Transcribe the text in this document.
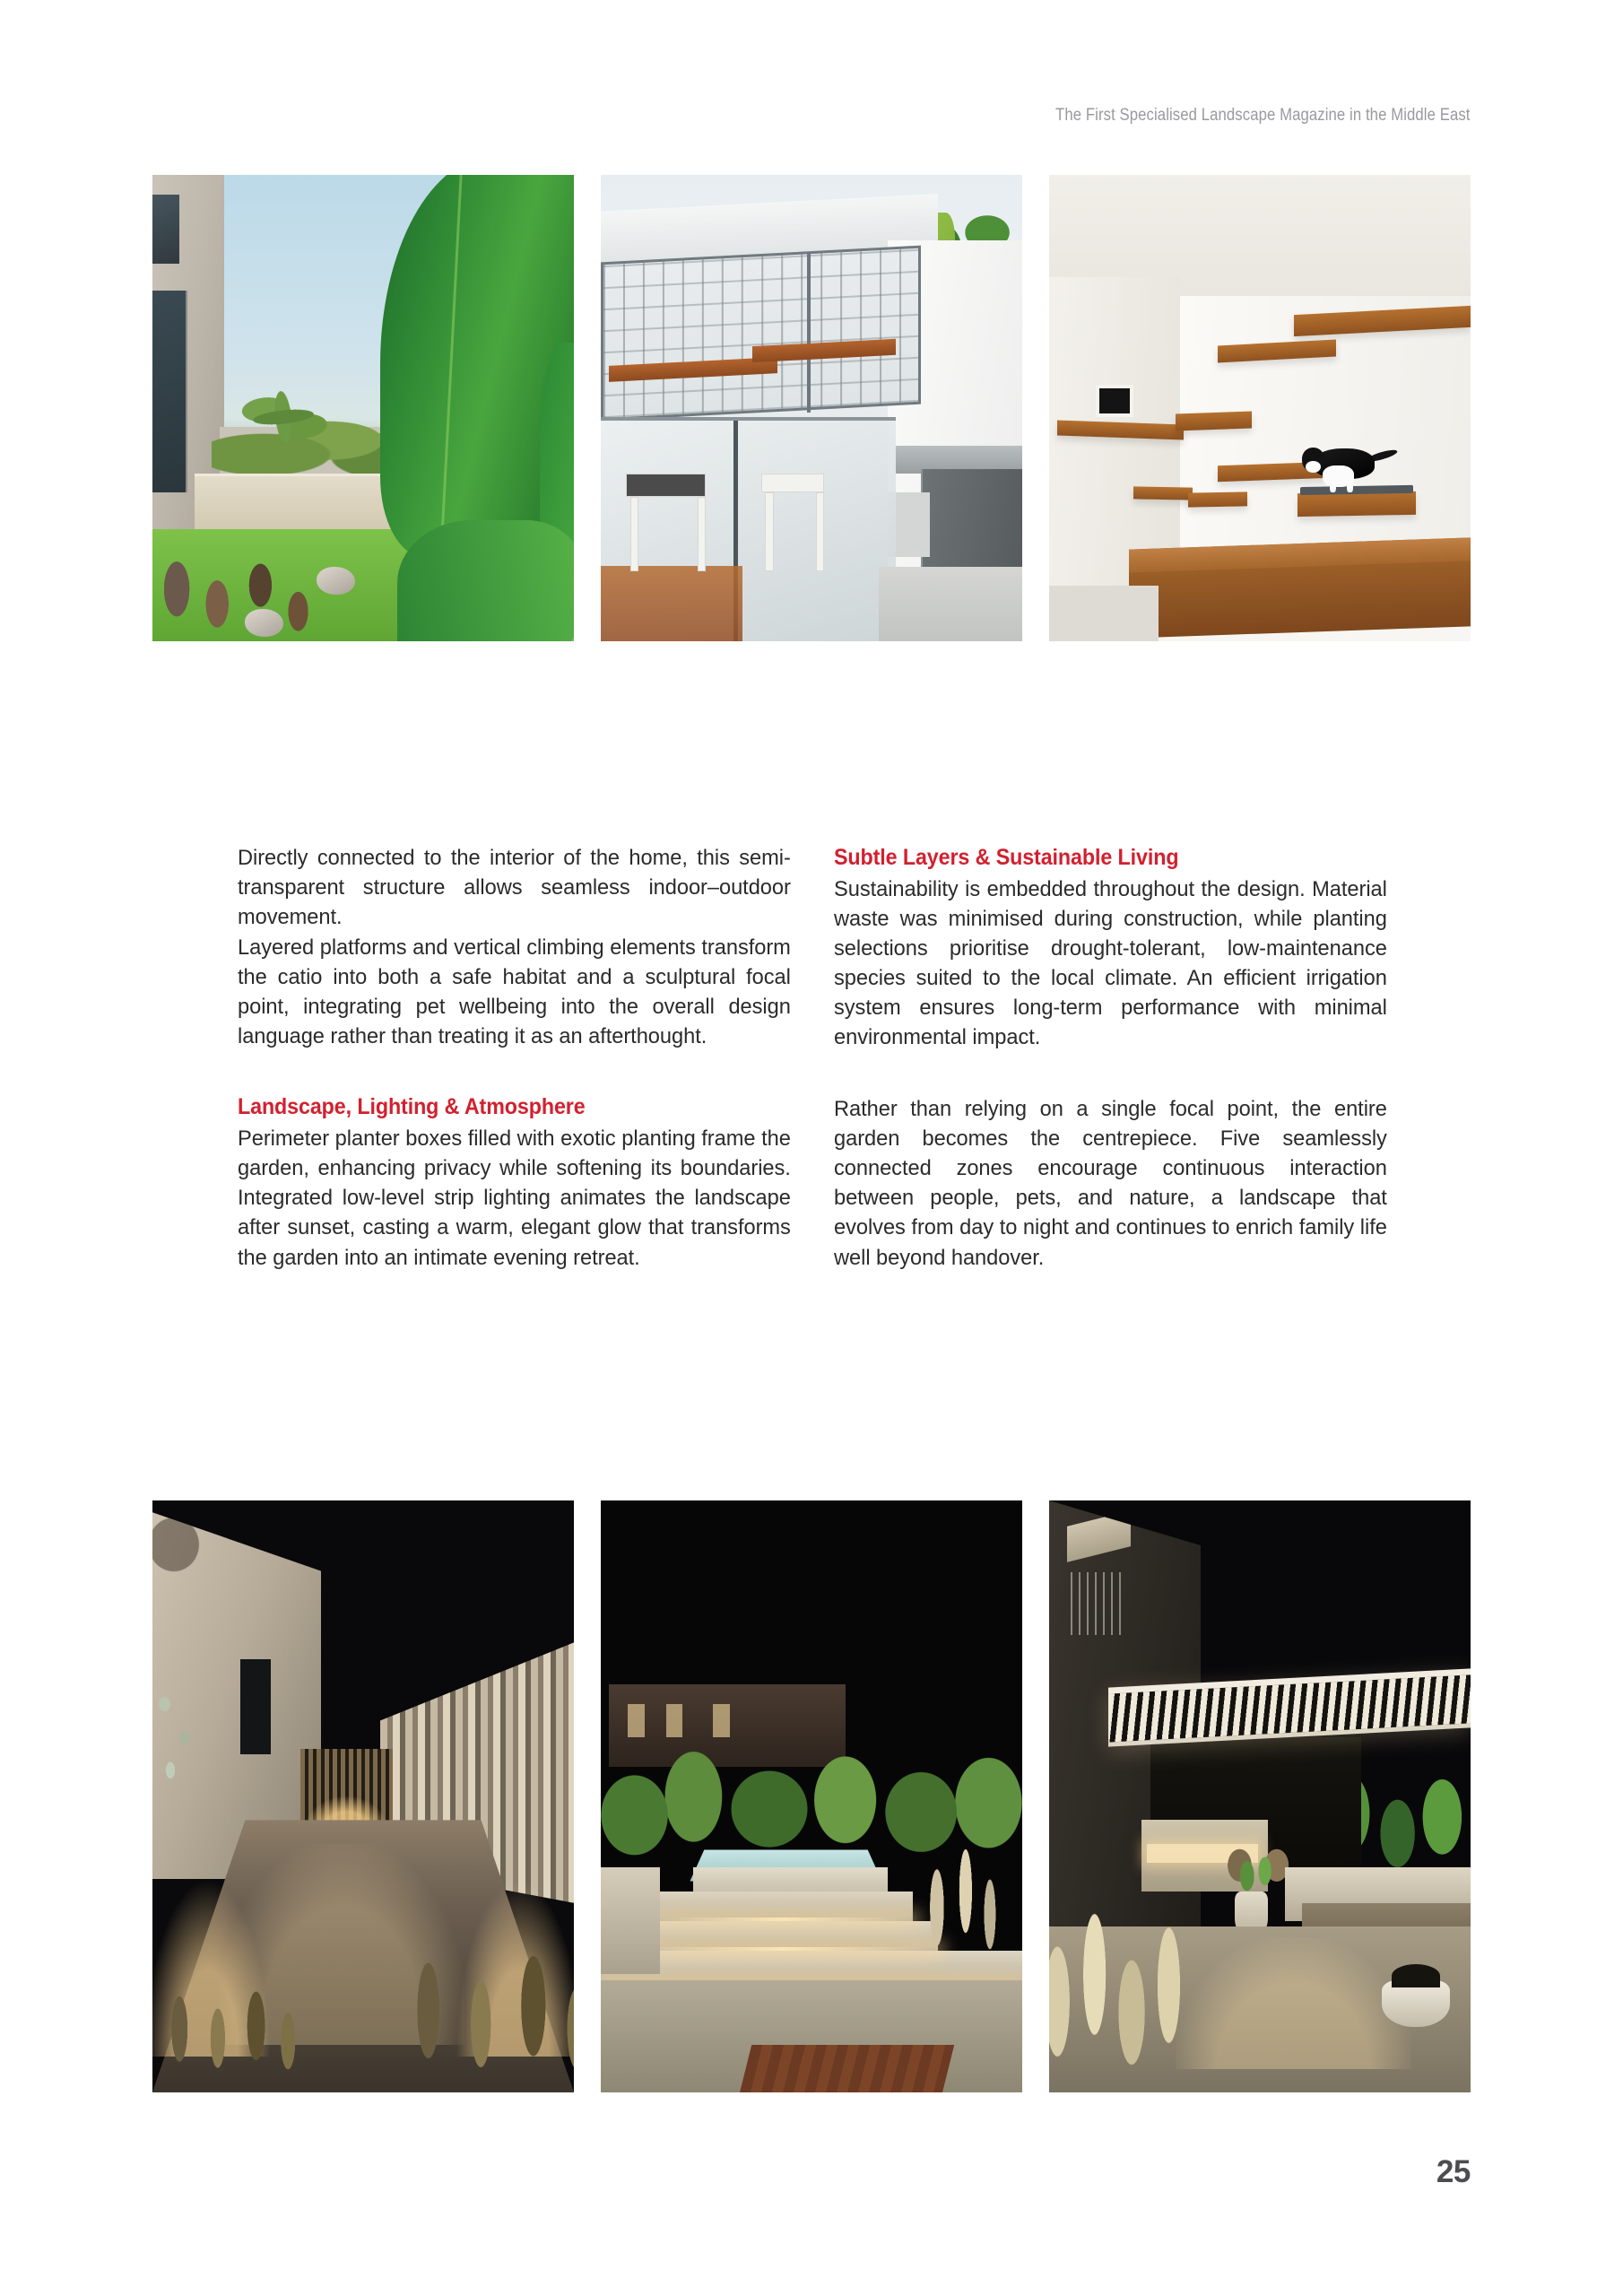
The First Specialised Landscape Magazine in the Middle East

Directly connected to the interior of the home, this semi-transparent structure allows seamless indoor–outdoor movement.

Layered platforms and vertical climbing elements transform the catio into both a safe habitat and a sculptural focal point, integrating pet wellbeing into the overall design language rather than treating it as an afterthought.

Landscape, Lighting & Atmosphere

Perimeter planter boxes filled with exotic planting frame the garden, enhancing privacy while softening its boundaries. Integrated low-level strip lighting animates the landscape after sunset, casting a warm, elegant glow that transforms the garden into an intimate evening retreat.

Subtle Layers & Sustainable Living

Sustainability is embedded throughout the design. Material waste was minimised during construction, while planting selections prioritise drought-tolerant, low-maintenance species suited to the local climate. An efficient irrigation system ensures long-term performance with minimal environmental impact.

Rather than relying on a single focal point, the entire garden becomes the centrepiece. Five seamlessly connected zones encourage continuous interaction between people, pets, and nature, a landscape that evolves from day to night and continues to enrich family life well beyond handover.

25
